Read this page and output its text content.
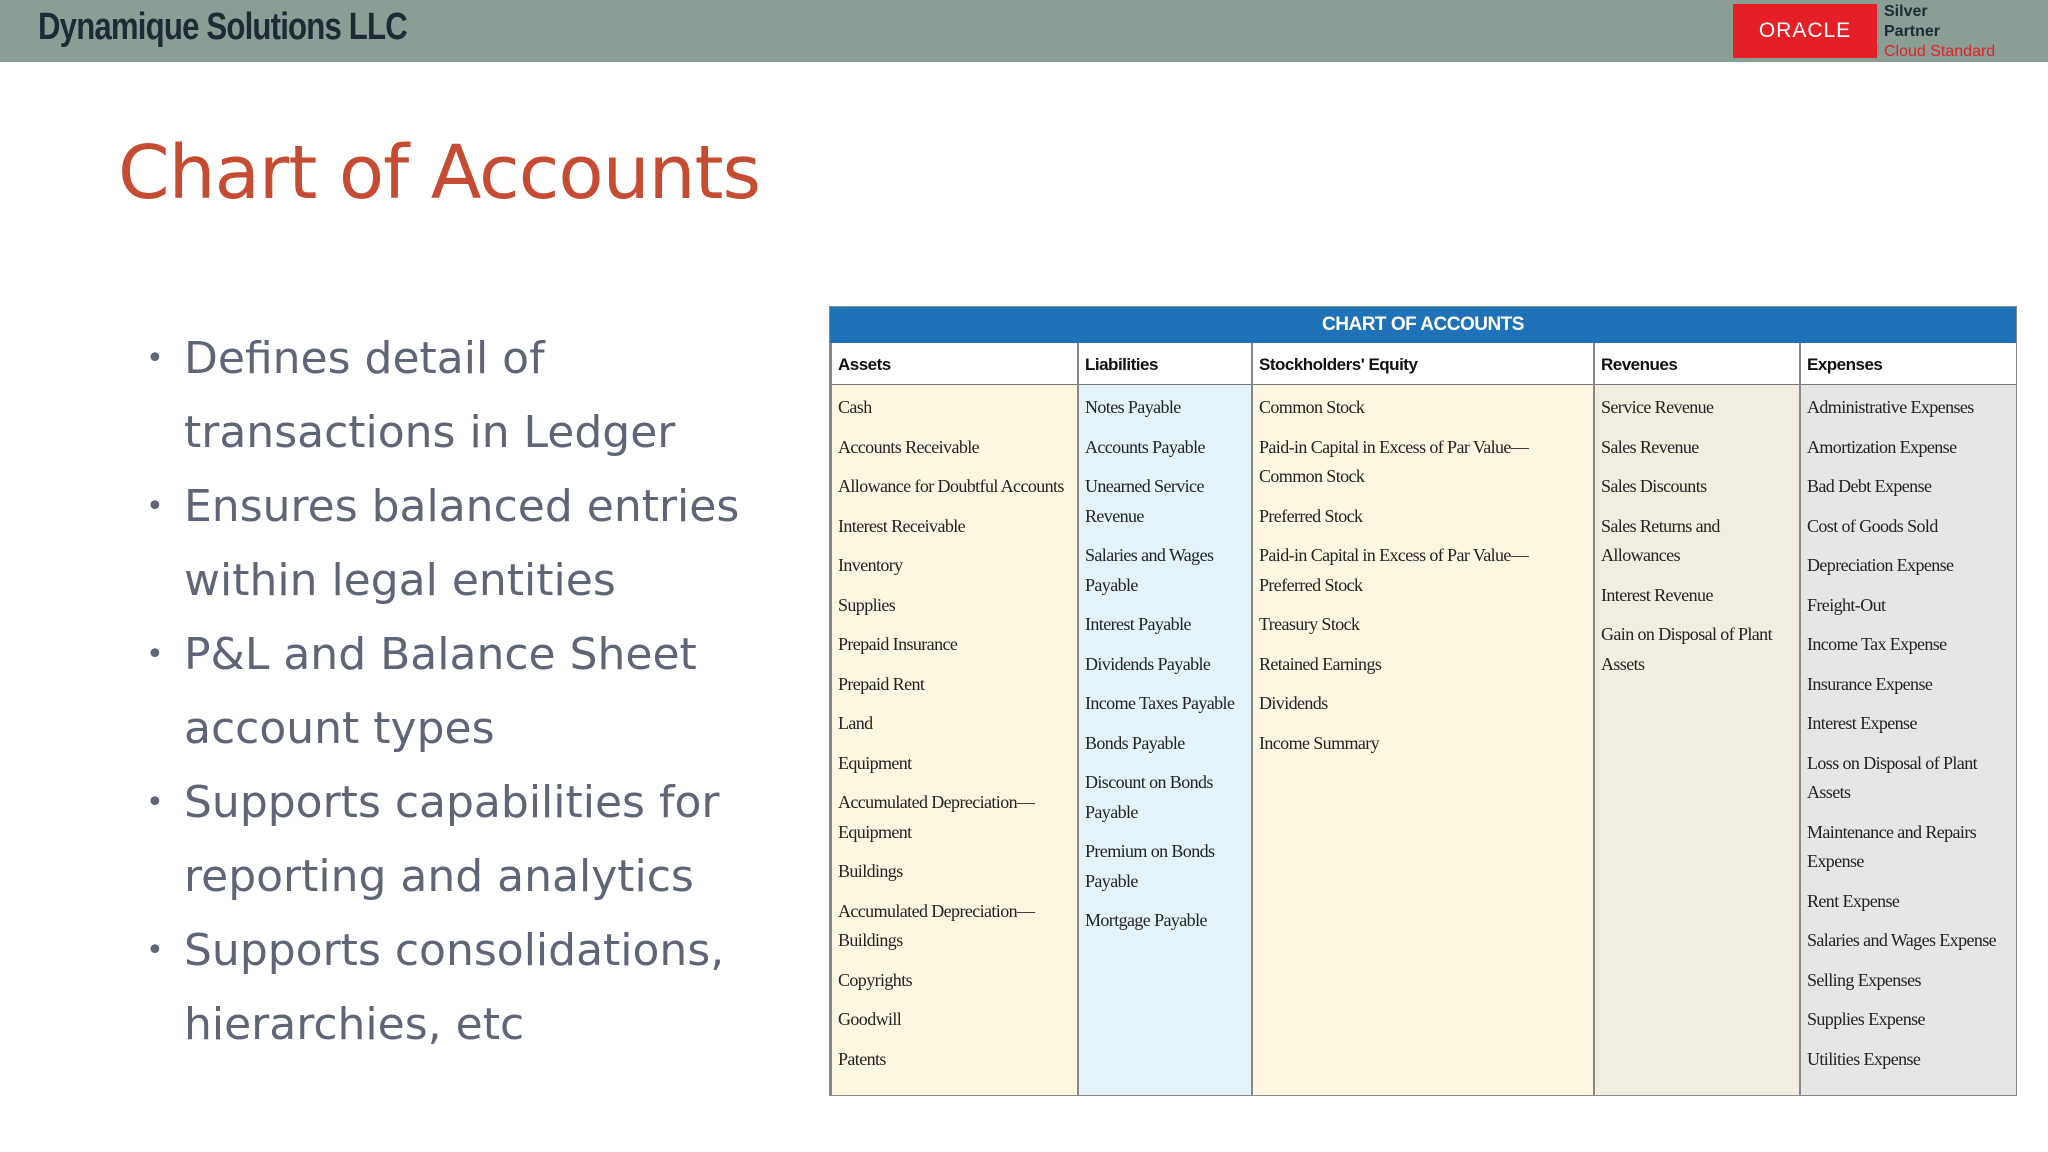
Dynamique Solutions LLC	ORACLE
Silver
Partner
Cloud Standard
Chart of Accounts
• Defines detail of transactions in Ledger
• Ensures balanced entries within legal entities
• P&L and Balance Sheet account types
• Supports capabilities for reporting and analytics
• Supports consolidations, hierarchies, etc
CHART OF ACCOUNTS
Assets
Cash
Accounts Receivable
Allowance for Doubtful Accounts
Interest Receivable
Inventory
Supplies
Prepaid Insurance
Prepaid Rent
Land
Equipment
Accumulated Depreciation—Equipment
Buildings
Accumulated Depreciation—Buildings
Copyrights
Goodwill
Patents
Liabilities
Notes Payable
Accounts Payable
Unearned Service Revenue
Salaries and Wages Payable
Interest Payable
Dividends Payable
Income Taxes Payable
Bonds Payable
Discount on Bonds Payable
Premium on Bonds Payable
Mortgage Payable
Stockholders' Equity
Common Stock
Paid-in Capital in Excess of Par Value—Common Stock
Preferred Stock
Paid-in Capital in Excess of Par Value—Preferred Stock
Treasury Stock
Retained Earnings
Dividends
Income Summary
Revenues
Service Revenue
Sales Revenue
Sales Discounts
Sales Returns and Allowances
Interest Revenue
Gain on Disposal of Plant Assets
Expenses
Administrative Expenses
Amortization Expense
Bad Debt Expense
Cost of Goods Sold
Depreciation Expense
Freight-Out
Income Tax Expense
Insurance Expense
Interest Expense
Loss on Disposal of Plant Assets
Maintenance and Repairs Expense
Rent Expense
Salaries and Wages Expense
Selling Expenses
Supplies Expense
Utilities Expense
